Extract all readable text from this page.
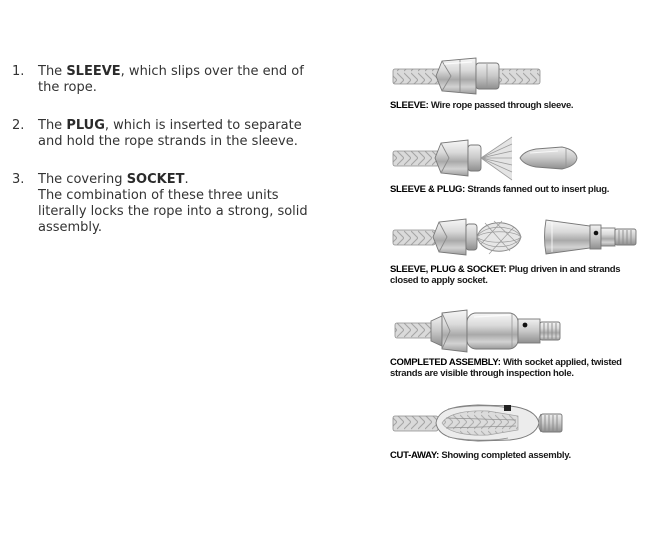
1.	The SLEEVE, which slips over the end of the rope.
2.	The PLUG, which is inserted to separate and hold the rope strands in the sleeve.
3.	The covering SOCKET.
The combination of these three units literally locks the rope into a strong, solid assembly.
SLEEVE: Wire rope passed through sleeve.
SLEEVE & PLUG: Strands fanned out to insert plug.
SLEEVE, PLUG & SOCKET: Plug driven in and strands closed to apply socket.
COMPLETED ASSEMBLY: With socket applied, twisted strands are visible through inspection hole.
CUT-AWAY: Showing completed assembly.
